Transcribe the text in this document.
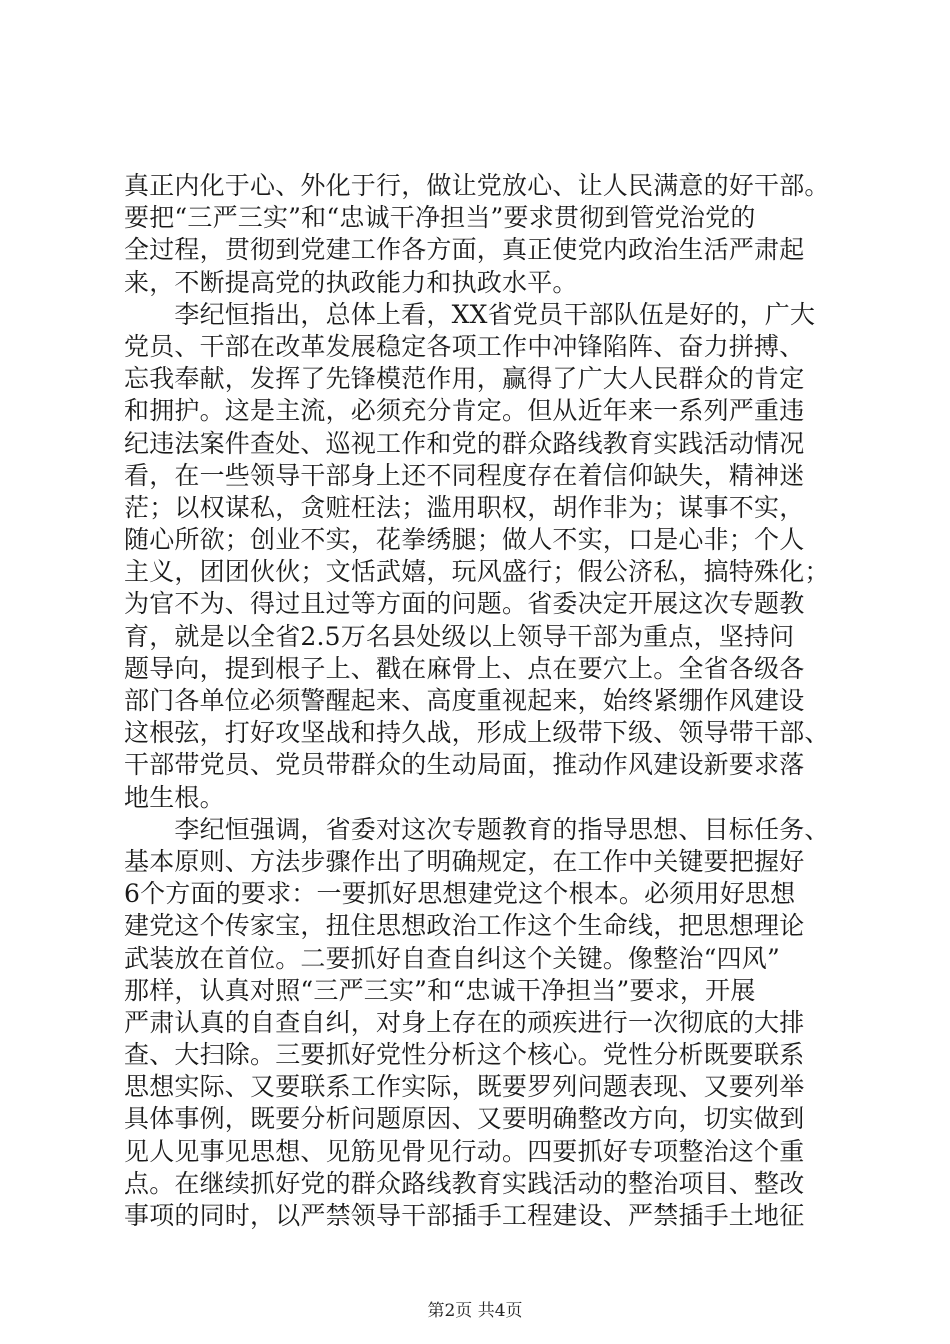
真正内化于心、外化于行，做让党放心、让人民满意的好干部。
要把“三严三实”和“忠诚干净担当”要求贯彻到管党治党的
全过程，贯彻到党建工作各方面，真正使党内政治生活严肃起
来，不断提高党的执政能力和执政水平。
　　李纪恒指出，总体上看，XX省党员干部队伍是好的，广大
党员、干部在改革发展稳定各项工作中冲锋陷阵、奋力拼搏、
忘我奉献，发挥了先锋模范作用，赢得了广大人民群众的肯定
和拥护。这是主流，必须充分肯定。但从近年来一系列严重违
纪违法案件查处、巡视工作和党的群众路线教育实践活动情况
看，在一些领导干部身上还不同程度存在着信仰缺失，精神迷
茫；以权谋私，贪赃枉法；滥用职权，胡作非为；谋事不实，
随心所欲；创业不实，花拳绣腿；做人不实，口是心非；个人
主义，团团伙伙；文恬武嬉，玩风盛行；假公济私，搞特殊化；
为官不为、得过且过等方面的问题。省委决定开展这次专题教
育，就是以全省2.5万名县处级以上领导干部为重点，坚持问
题导向，提到根子上、戳在麻骨上、点在要穴上。全省各级各
部门各单位必须警醒起来、高度重视起来，始终紧绷作风建设
这根弦，打好攻坚战和持久战，形成上级带下级、领导带干部、
干部带党员、党员带群众的生动局面，推动作风建设新要求落
地生根。
　　李纪恒强调，省委对这次专题教育的指导思想、目标任务、
基本原则、方法步骤作出了明确规定，在工作中关键要把握好
6个方面的要求：一要抓好思想建党这个根本。必须用好思想
建党这个传家宝，扭住思想政治工作这个生命线，把思想理论
武装放在首位。二要抓好自查自纠这个关键。像整治“四风”
那样，认真对照“三严三实”和“忠诚干净担当”要求，开展
严肃认真的自查自纠，对身上存在的顽疾进行一次彻底的大排
查、大扫除。三要抓好党性分析这个核心。党性分析既要联系
思想实际、又要联系工作实际，既要罗列问题表现、又要列举
具体事例，既要分析问题原因、又要明确整改方向，切实做到
见人见事见思想、见筋见骨见行动。四要抓好专项整治这个重
点。在继续抓好党的群众路线教育实践活动的整治项目、整改
事项的同时，以严禁领导干部插手工程建设、严禁插手土地征
第2页 共4页
